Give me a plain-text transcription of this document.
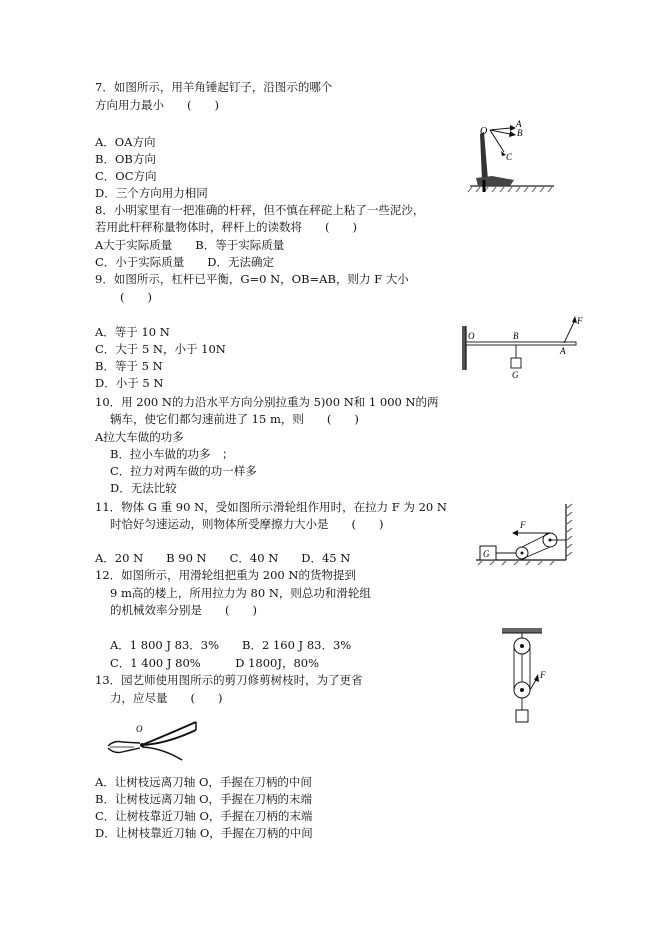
7．如图所示，用羊角锤起钉子，沿图示的哪个
方向用力最小　　(　　)
A．OA方向
B．OB方向
C．OC方向
D．三个方向用力相同
O
A
B
C
8．小明家里有一把准确的杆秤，但不慎在秤砣上粘了一些泥沙，
若用此杆秤称量物体时，秤杆上的读数将　　(　　)
A大于实际质量　　B．等于实际质量
C．小于实际质量　　D．无法确定
9．如图所示，杠杆已平衡，G=0 N，OB=AB，则力 F 大小
(　　)
A．等于 10 N
C．大于 5 N，小于 10N
B．等于 5 N
D．小于 5 N
O	B
A
F
G
10．用 200 N的力沿水平方向分别拉重为 5)00 N和 1 000 N的两
辆车，使它们都匀速前进了 15 m，则　　(　　)
A拉大车做的功多
B．拉小车做的功多　；
C．拉力对两车做的功一样多
D．无法比较
11．物体 G 重 90 N，受如图所示滑轮组作用时，在拉力 F 为 20 N
时恰好匀速运动，则物体所受摩擦力大小是　　(　　)
A．20 N　　B 90 N　　C．40 N　　D．45 N	G
F
12．如图所示，用滑轮组把重为 200 N的货物提到
9 m高的楼上，所用拉力为 80 N，则总功和滑轮组
的机械效率分别是　　(　　)
A．1 800 J 83．3%　　B．2 160 J 83．3%
C．1 400 J 80%　　　D 1800J，80%
F
13．园艺师使用图所示的剪刀修剪树枝时，为了更省
力，应尽量　　(　　)
O
A．让树枝远离刀轴 O，手握在刀柄的中间
B．让树枝远离刀轴 O，手握在刀柄的末端
C．让树枝靠近刀轴 O，手握在刀柄的末端
D．让树枝靠近刀轴 O，手握在刀柄的中间
